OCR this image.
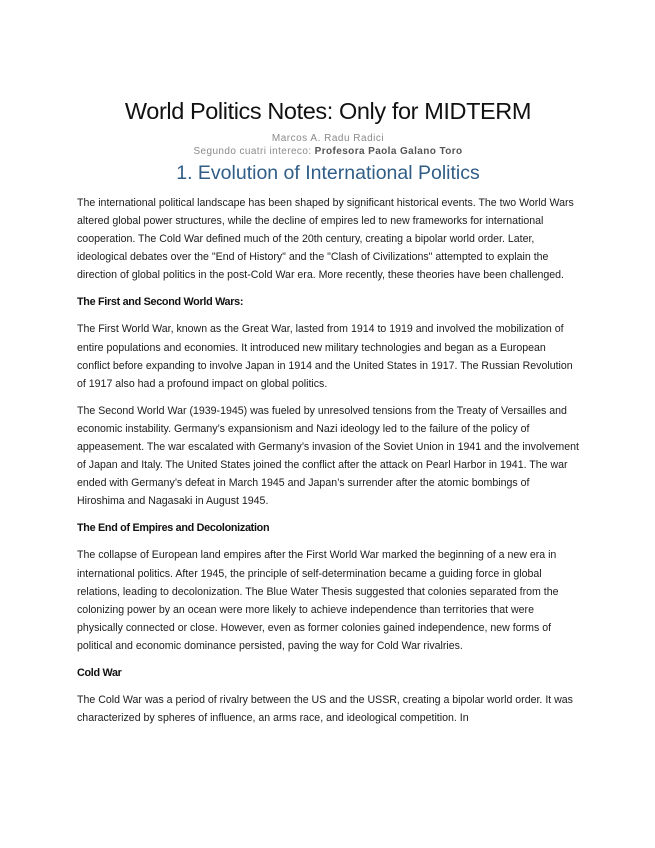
World Politics Notes: Only for MIDTERM
Marcos A. Radu Radici
Segundo cuatri intereco: Profesora Paola Galano Toro
1. Evolution of International Politics

The international political landscape has been shaped by significant historical events. The two World Wars altered global power structures, while the decline of empires led to new frameworks for international cooperation. The Cold War defined much of the 20th century, creating a bipolar world order. Later, ideological debates over the "End of History" and the "Clash of Civilizations" attempted to explain the direction of global politics in the post-Cold War era. More recently, these theories have been challenged.

The First and Second World Wars:

The First World War, known as the Great War, lasted from 1914 to 1919 and involved the mobilization of entire populations and economies. It introduced new military technologies and began as a European conflict before expanding to involve Japan in 1914 and the United States in 1917. The Russian Revolution of 1917 also had a profound impact on global politics.

The Second World War (1939-1945) was fueled by unresolved tensions from the Treaty of Versailles and economic instability. Germany’s expansionism and Nazi ideology led to the failure of the policy of appeasement. The war escalated with Germany’s invasion of the Soviet Union in 1941 and the involvement of Japan and Italy. The United States joined the conflict after the attack on Pearl Harbor in 1941. The war ended with Germany’s defeat in March 1945 and Japan’s surrender after the atomic bombings of Hiroshima and Nagasaki in August 1945.

The End of Empires and Decolonization

The collapse of European land empires after the First World War marked the beginning of a new era in international politics. After 1945, the principle of self-determination became a guiding force in global relations, leading to decolonization. The Blue Water Thesis suggested that colonies separated from the colonizing power by an ocean were more likely to achieve independence than territories that were physically connected or close. However, even as former colonies gained independence, new forms of political and economic dominance persisted, paving the way for Cold War rivalries.

Cold War

The Cold War was a period of rivalry between the US and the USSR, creating a bipolar world order. It was characterized by spheres of influence, an arms race, and ideological competition. In
